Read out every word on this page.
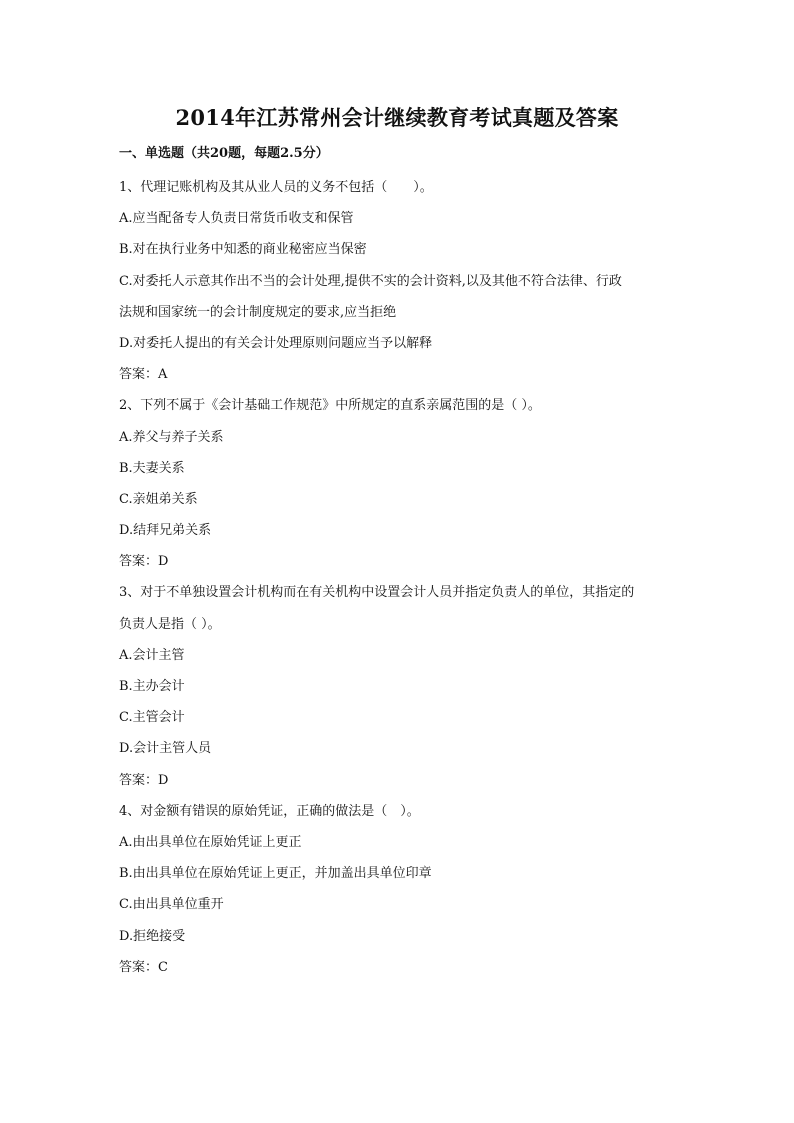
2014年江苏常州会计继续教育考试真题及答案
一、单选题（共20题，每题2.5分）
1、代理记账机构及其从业人员的义务不包括（　　）。
A.应当配备专人负责日常货币收支和保管
B.对在执行业务中知悉的商业秘密应当保密
C.对委托人示意其作出不当的会计处理,提供不实的会计资料,以及其他不符合法律、行政
法规和国家统一的会计制度规定的要求,应当拒绝
D.对委托人提出的有关会计处理原则问题应当予以解释
答案：A
2、下列不属于《会计基础工作规范》中所规定的直系亲属范围的是（ ）。
A.养父与养子关系
B.夫妻关系
C.亲姐弟关系
D.结拜兄弟关系
答案：D
3、对于不单独设置会计机构而在有关机构中设置会计人员并指定负责人的单位，其指定的
负责人是指（ ）。
A.会计主管
B.主办会计
C.主管会计
D.会计主管人员
答案：D
4、对金额有错误的原始凭证，正确的做法是（　）。
A.由出具单位在原始凭证上更正
B.由出具单位在原始凭证上更正，并加盖出具单位印章
C.由出具单位重开
D.拒绝接受
答案：C
